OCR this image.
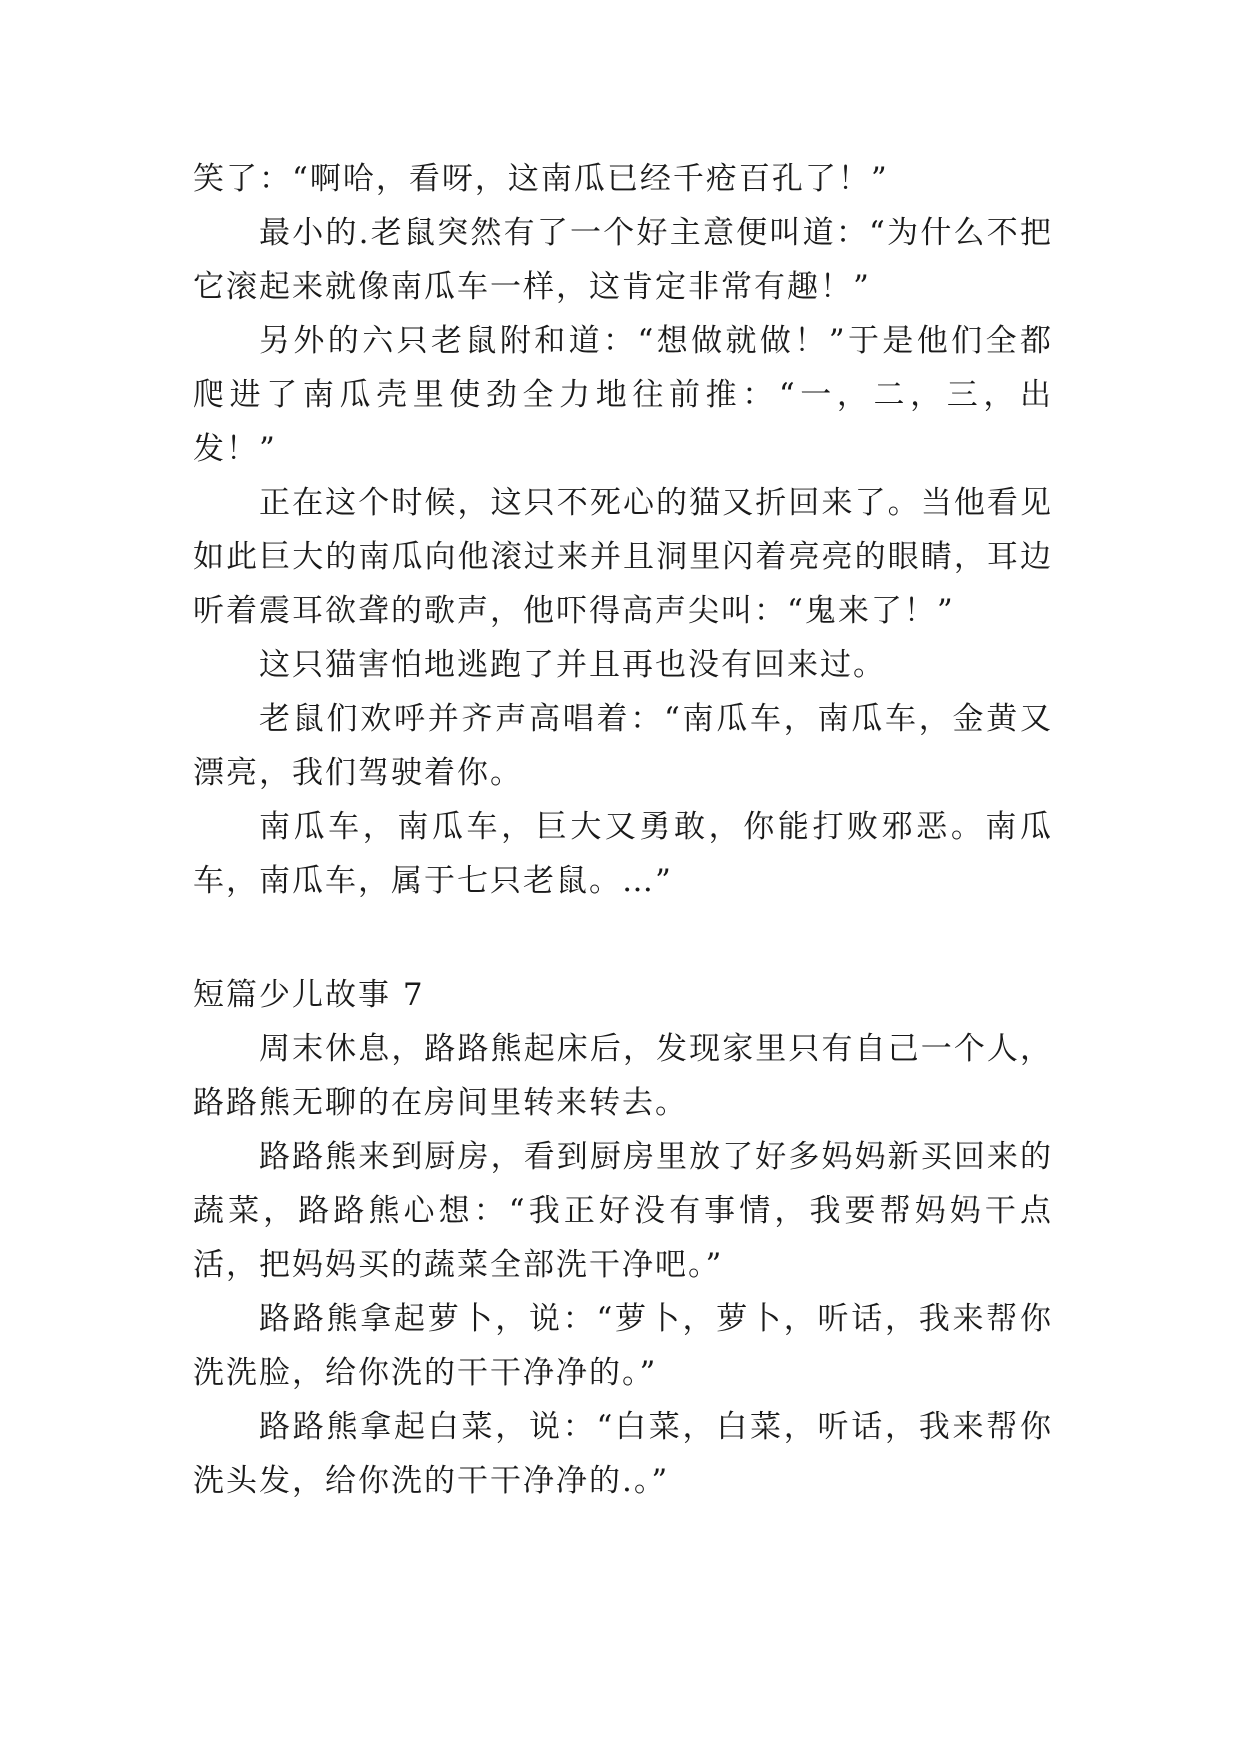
笑了：“啊哈，看呀，这南瓜已经千疮百孔了！”

最小的.老鼠突然有了一个好主意便叫道：“为什么不把它滚起来就像南瓜车一样，这肯定非常有趣！”

另外的六只老鼠附和道：“想做就做！”于是他们全都爬进了南瓜壳里使劲全力地往前推：“一，二，三，出发！”

正在这个时候，这只不死心的猫又折回来了。当他看见如此巨大的南瓜向他滚过来并且洞里闪着亮亮的眼睛，耳边听着震耳欲聋的歌声，他吓得高声尖叫：“鬼来了！”

这只猫害怕地逃跑了并且再也没有回来过。

老鼠们欢呼并齐声高唱着：“南瓜车，南瓜车，金黄又漂亮，我们驾驶着你。

南瓜车，南瓜车，巨大又勇敢，你能打败邪恶。南瓜车，南瓜车，属于七只老鼠。…”

短篇少儿故事 7

周末休息，路路熊起床后，发现家里只有自己一个人，路路熊无聊的在房间里转来转去。

路路熊来到厨房，看到厨房里放了好多妈妈新买回来的蔬菜，路路熊心想：“我正好没有事情，我要帮妈妈干点活，把妈妈买的蔬菜全部洗干净吧。”

路路熊拿起萝卜，说：“萝卜，萝卜，听话，我来帮你洗洗脸，给你洗的干干净净的。”

路路熊拿起白菜，说：“白菜，白菜，听话，我来帮你洗头发，给你洗的干干净净的.。”
